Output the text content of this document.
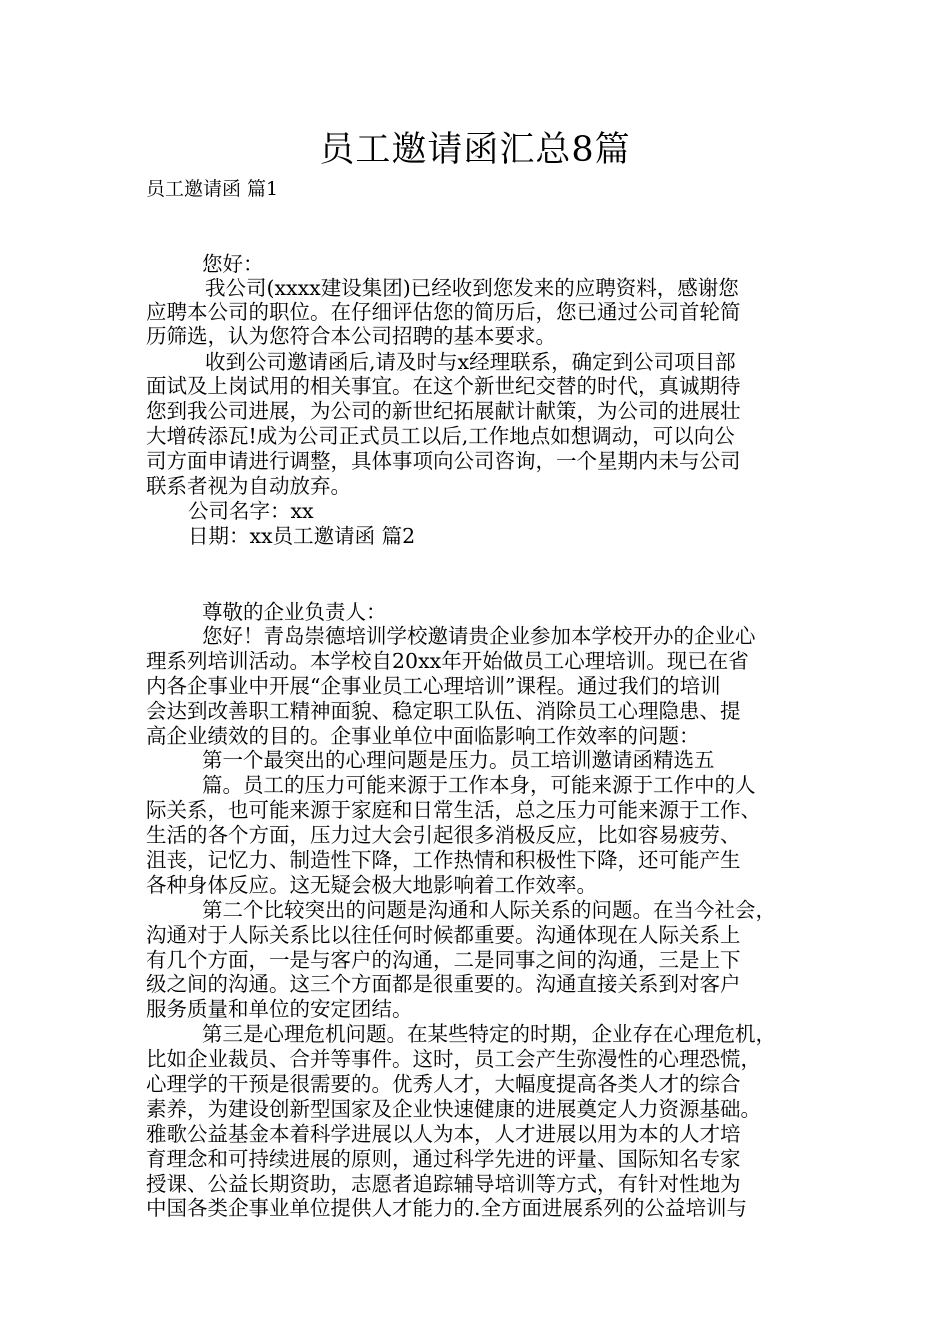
员工邀请函汇总8篇
员工邀请函 篇1
您好：
我公司(xxxx建设集团)已经收到您发来的应聘资料，感谢您
应聘本公司的职位。在仔细评估您的简历后，您已通过公司首轮简
历筛选，认为您符合本公司招聘的基本要求。
收到公司邀请函后,请及时与x经理联系，确定到公司项目部
面试及上岗试用的相关事宜。在这个新世纪交替的时代，真诚期待
您到我公司进展，为公司的新世纪拓展献计献策，为公司的进展壮
大增砖添瓦!成为公司正式员工以后,工作地点如想调动，可以向公
司方面申请进行调整，具体事项向公司咨询，一个星期内未与公司
联系者视为自动放弃。
公司名字：xx
日期：xx员工邀请函 篇2
尊敬的企业负责人：
您好！青岛崇德培训学校邀请贵企业参加本学校开办的企业心
理系列培训活动。本学校自20xx年开始做员工心理培训。现已在省
内各企事业中开展“企事业员工心理培训”课程。通过我们的培训
会达到改善职工精神面貌、稳定职工队伍、消除员工心理隐患、提
高企业绩效的目的。企事业单位中面临影响工作效率的问题：
第一个最突出的心理问题是压力。员工培训邀请函精选五
篇。员工的压力可能来源于工作本身，可能来源于工作中的人
际关系，也可能来源于家庭和日常生活，总之压力可能来源于工作、
生活的各个方面，压力过大会引起很多消极反应，比如容易疲劳、
沮丧，记忆力、制造性下降，工作热情和积极性下降，还可能产生
各种身体反应。这无疑会极大地影响着工作效率。
第二个比较突出的问题是沟通和人际关系的问题。在当今社会，
沟通对于人际关系比以往任何时候都重要。沟通体现在人际关系上
有几个方面，一是与客户的沟通，二是同事之间的沟通，三是上下
级之间的沟通。这三个方面都是很重要的。沟通直接关系到对客户
服务质量和单位的安定团结。
第三是心理危机问题。在某些特定的时期，企业存在心理危机，
比如企业裁员、合并等事件。这时，员工会产生弥漫性的心理恐慌，
心理学的干预是很需要的。优秀人才，大幅度提高各类人才的综合
素养，为建设创新型国家及企业快速健康的进展奠定人力资源基础。
雅歌公益基金本着科学进展以人为本，人才进展以用为本的人才培
育理念和可持续进展的原则，通过科学先进的评量、国际知名专家
授课、公益长期资助，志愿者追踪辅导培训等方式，有针对性地为
中国各类企事业单位提供人才能力的.全方面进展系列的公益培训与
